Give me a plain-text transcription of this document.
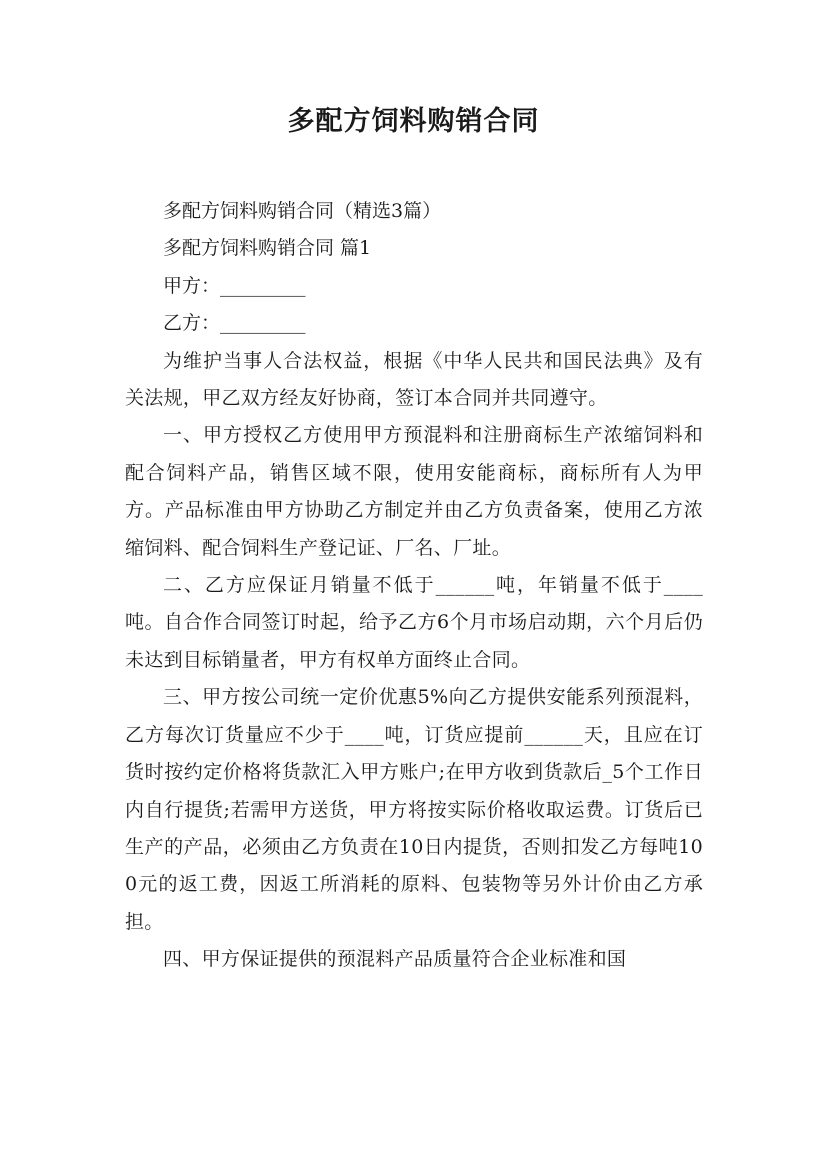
多配方饲料购销合同

多配方饲料购销合同（精选3篇）

多配方饲料购销合同 篇1

甲方：_________

乙方：_________

为维护当事人合法权益，根据《中华人民共和国民法典》及有关法规，甲乙双方经友好协商，签订本合同并共同遵守。

一、甲方授权乙方使用甲方预混料和注册商标生产浓缩饲料和配合饲料产品，销售区域不限，使用安能商标，商标所有人为甲方。产品标准由甲方协助乙方制定并由乙方负责备案，使用乙方浓缩饲料、配合饲料生产登记证、厂名、厂址。

二、乙方应保证月销量不低于______吨，年销量不低于____吨。自合作合同签订时起，给予乙方6个月市场启动期，六个月后仍未达到目标销量者，甲方有权单方面终止合同。

三、甲方按公司统一定价优惠5%向乙方提供安能系列预混料，乙方每次订货量应不少于____吨，订货应提前______天，且应在订货时按约定价格将货款汇入甲方账户;在甲方收到货款后_5个工作日内自行提货;若需甲方送货，甲方将按实际价格收取运费。订货后已生产的产品，必须由乙方负责在10日内提货，否则扣发乙方每吨100元的返工费，因返工所消耗的原料、包装物等另外计价由乙方承担。

四、甲方保证提供的预混料产品质量符合企业标准和国
